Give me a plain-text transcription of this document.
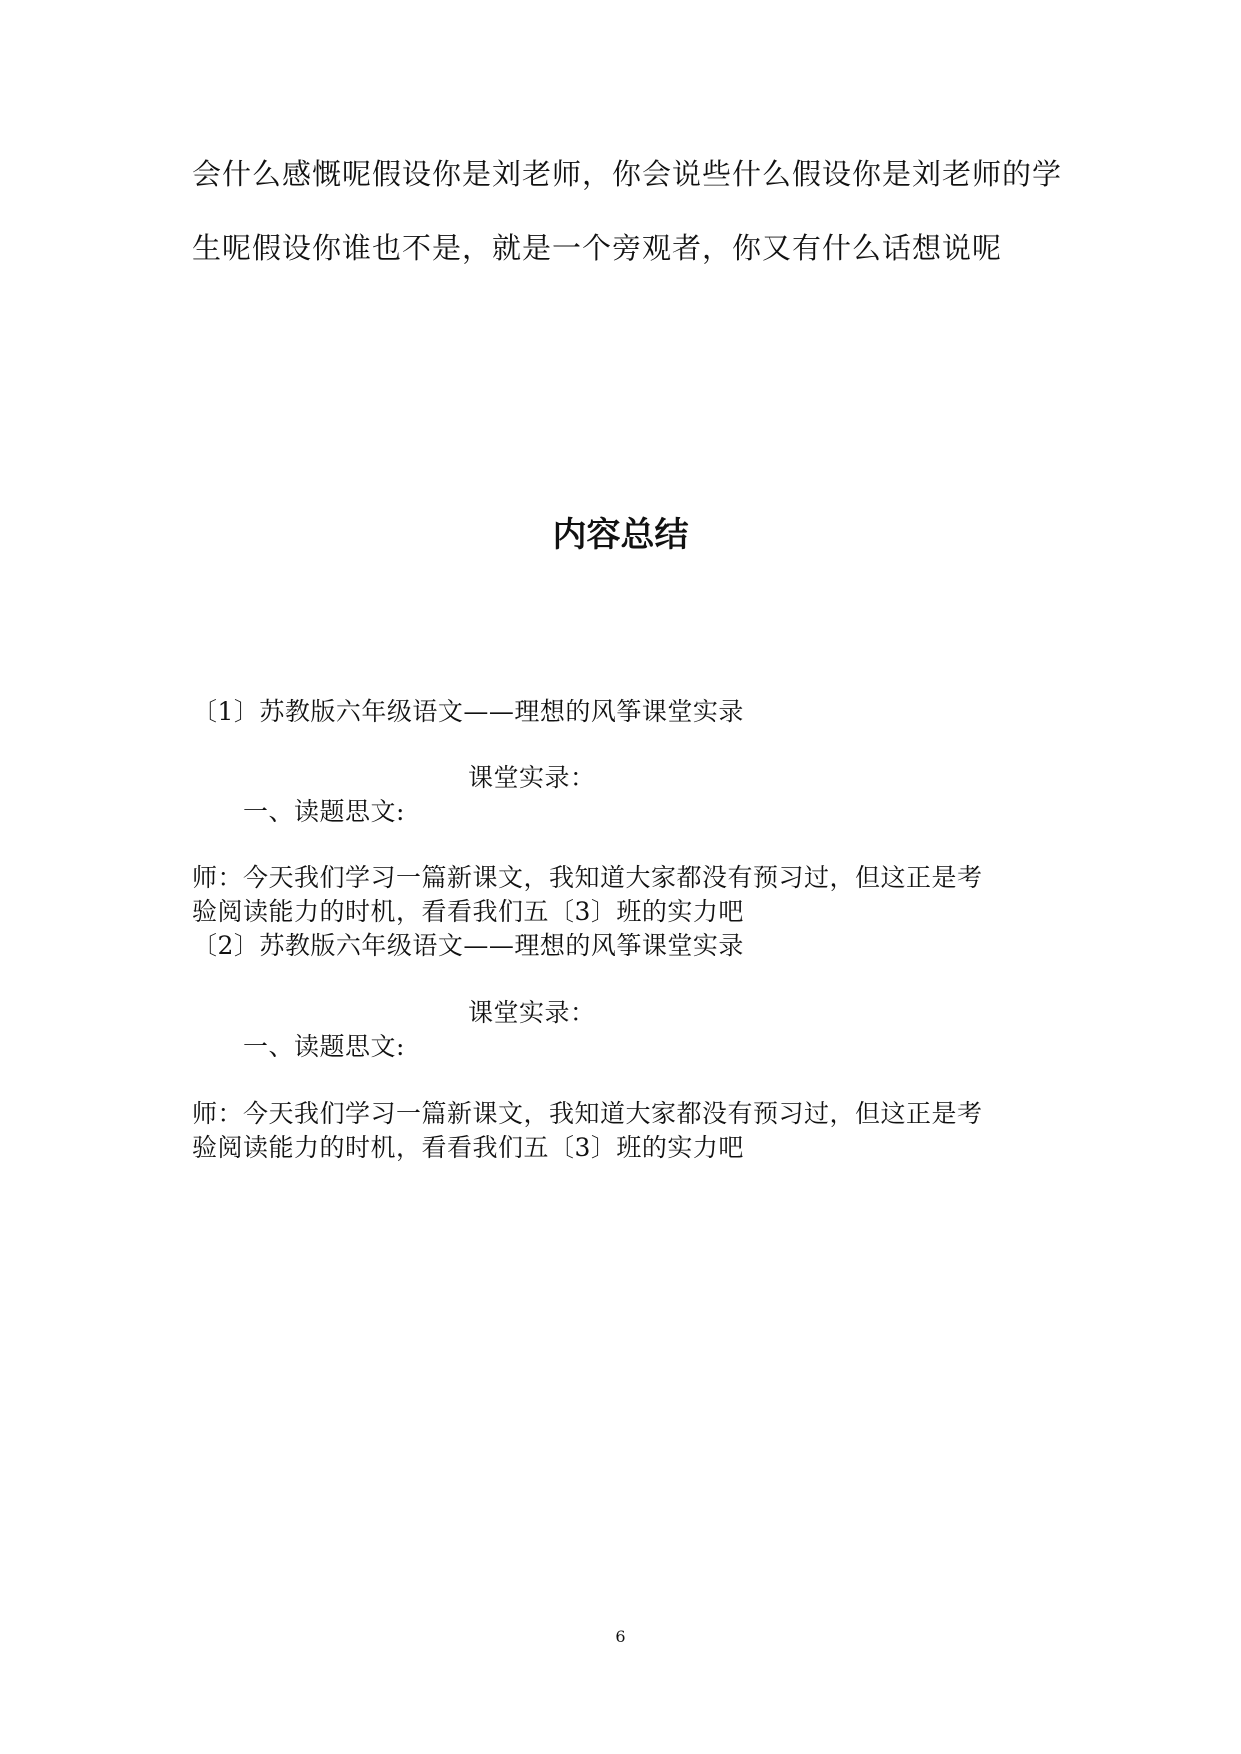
会什么感慨呢假设你是刘老师，你会说些什么假设你是刘老师的学

生呢假设你谁也不是，就是一个旁观者，你又有什么话想说呢

内容总结

〔1〕苏教版六年级语文——理想的风筝课堂实录

课堂实录：

一、读题思文:

师：今天我们学习一篇新课文，我知道大家都没有预习过，但这正是考

验阅读能力的时机，看看我们五〔3〕班的实力吧

〔2〕苏教版六年级语文——理想的风筝课堂实录

课堂实录：

一、读题思文:

师：今天我们学习一篇新课文，我知道大家都没有预习过，但这正是考

验阅读能力的时机，看看我们五〔3〕班的实力吧

6
